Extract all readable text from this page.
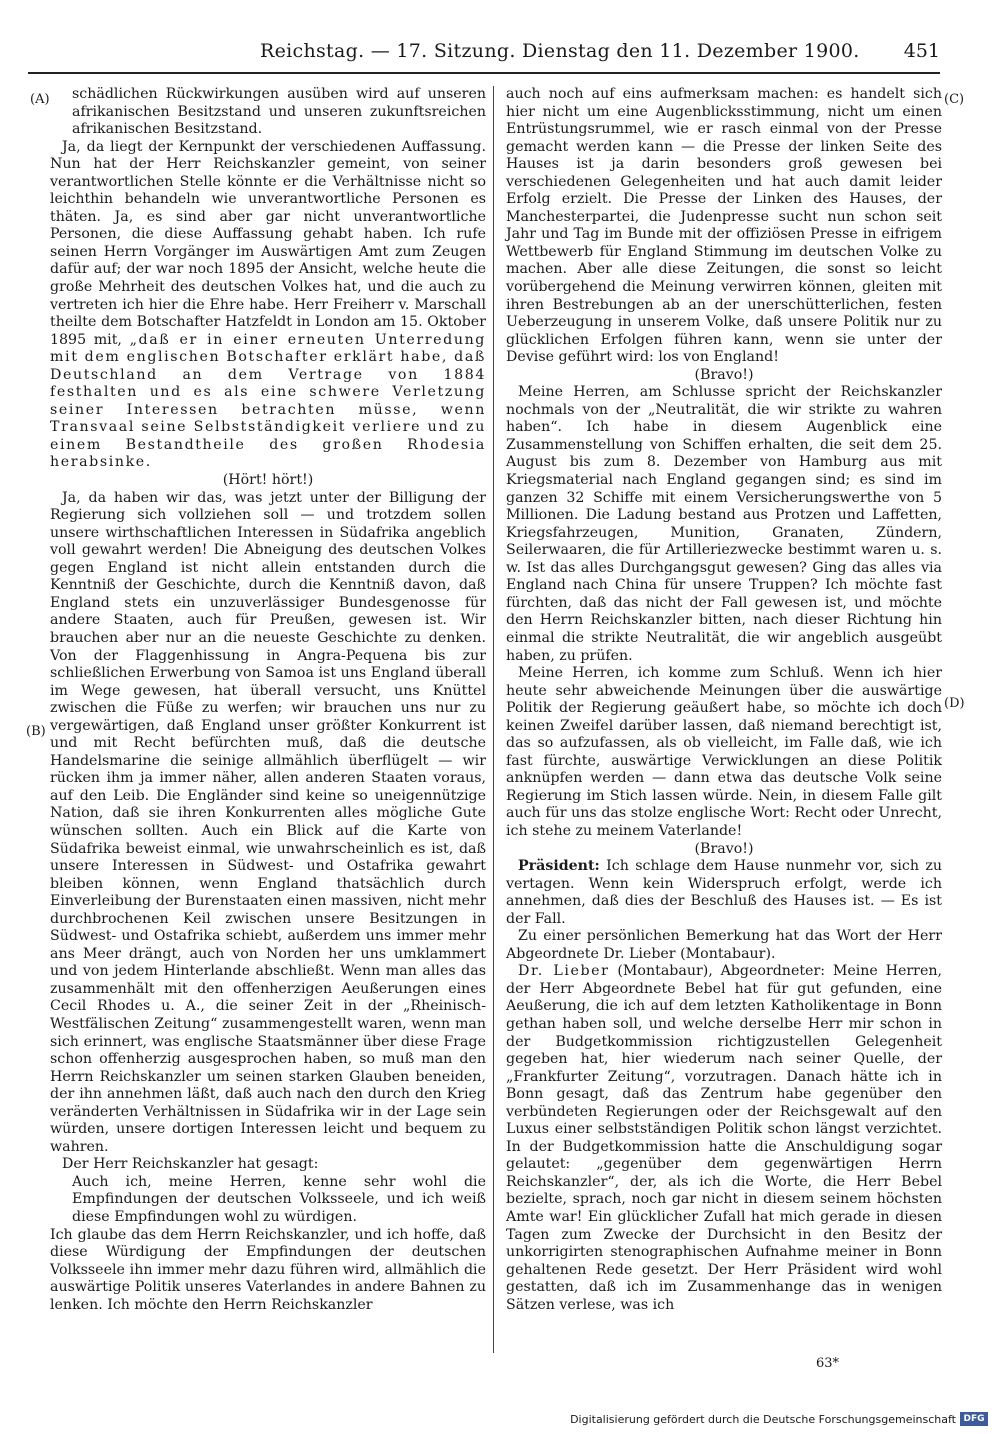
Reichstag. — 17. Sitzung. Dienstag den 11. Dezember 1900. 451
(A)
(B)
(C)
(D)

schädlichen Rückwirkungen ausüben wird auf unseren afrikanischen Besitzstand und unseren zukunftsreichen afrikanischen Besitzstand.

Ja, da liegt der Kernpunkt der verschiedenen Auffassung. Nun hat der Herr Reichskanzler gemeint, von seiner verantwortlichen Stelle könnte er die Verhältnisse nicht so leichthin behandeln wie unverantwortliche Personen es thäten. Ja, es sind aber gar nicht unverantwortliche Personen, die diese Auffassung gehabt haben. Ich rufe seinen Herrn Vorgänger im Auswärtigen Amt zum Zeugen dafür auf; der war noch 1895 der Ansicht, welche heute die große Mehrheit des deutschen Volkes hat, und die auch zu vertreten ich hier die Ehre habe. Herr Freiherr v. Marschall theilte dem Botschafter Hatzfeldt in London am 15. Oktober 1895 mit, „daß er in einer erneuten Unterredung mit dem englischen Botschafter erklärt habe, daß Deutschland an dem Vertrage von 1884 festhalten und es als eine schwere Verletzung seiner Interessen betrachten müsse, wenn Transvaal seine Selbstständigkeit verliere und zu einem Bestandtheile des großen Rhodesia herabsinke.

(Hört! hört!)

Ja, da haben wir das, was jetzt unter der Billigung der Regierung sich vollziehen soll — und trotzdem sollen unsere wirthschaftlichen Interessen in Südafrika angeblich voll gewahrt werden! Die Abneigung des deutschen Volkes gegen England ist nicht allein entstanden durch die Kenntniß der Geschichte, durch die Kenntniß davon, daß England stets ein unzuverlässiger Bundesgenosse für andere Staaten, auch für Preußen, gewesen ist. Wir brauchen aber nur an die neueste Geschichte zu denken. Von der Flaggenhissung in Angra-Pequena bis zur schließlichen Erwerbung von Samoa ist uns England überall im Wege gewesen, hat überall versucht, uns Knüttel zwischen die Füße zu werfen; wir brauchen uns nur zu vergewärtigen, daß England unser größter Konkurrent ist und mit Recht befürchten muß, daß die deutsche Handelsmarine die seinige allmählich überflügelt — wir rücken ihm ja immer näher, allen anderen Staaten voraus, auf den Leib. Die Engländer sind keine so uneigennützige Nation, daß sie ihren Konkurrenten alles mögliche Gute wünschen sollten. Auch ein Blick auf die Karte von Südafrika beweist einmal, wie unwahrscheinlich es ist, daß unsere Interessen in Südwest- und Ostafrika gewahrt bleiben können, wenn England thatsächlich durch Einverleibung der Burenstaaten einen massiven, nicht mehr durchbrochenen Keil zwischen unsere Besitzungen in Südwest- und Ostafrika schiebt, außerdem uns immer mehr ans Meer drängt, auch von Norden her uns umklammert und von jedem Hinterlande abschließt. Wenn man alles das zusammenhält mit den offenherzigen Aeußerungen eines Cecil Rhodes u. A., die seiner Zeit in der „Rheinisch-Westfälischen Zeitung“ zusammengestellt waren, wenn man sich erinnert, was englische Staatsmänner über diese Frage schon offenherzig ausgesprochen haben, so muß man den Herrn Reichskanzler um seinen starken Glauben beneiden, der ihn annehmen läßt, daß auch nach den durch den Krieg veränderten Verhältnissen in Südafrika wir in der Lage sein würden, unsere dortigen Interessen leicht und bequem zu wahren.

Der Herr Reichskanzler hat gesagt:

Auch ich, meine Herren, kenne sehr wohl die Empfindungen der deutschen Volksseele, und ich weiß diese Empfindungen wohl zu würdigen.

Ich glaube das dem Herrn Reichskanzler, und ich hoffe, daß diese Würdigung der Empfindungen der deutschen Volksseele ihn immer mehr dazu führen wird, allmählich die auswärtige Politik unseres Vaterlandes in andere Bahnen zu lenken. Ich möchte den Herrn Reichskanzler

auch noch auf eins aufmerksam machen: es handelt sich hier nicht um eine Augenblicksstimmung, nicht um einen Entrüstungsrummel, wie er rasch einmal von der Presse gemacht werden kann — die Presse der linken Seite des Hauses ist ja darin besonders groß gewesen bei verschiedenen Gelegenheiten und hat auch damit leider Erfolg erzielt. Die Presse der Linken des Hauses, der Manchesterpartei, die Judenpresse sucht nun schon seit Jahr und Tag im Bunde mit der offiziösen Presse in eifrigem Wettbewerb für England Stimmung im deutschen Volke zu machen. Aber alle diese Zeitungen, die sonst so leicht vorübergehend die Meinung verwirren können, gleiten mit ihren Bestrebungen ab an der unerschütterlichen, festen Ueberzeugung in unserem Volke, daß unsere Politik nur zu glücklichen Erfolgen führen kann, wenn sie unter der Devise geführt wird: los von England!

(Bravo!)

Meine Herren, am Schlusse spricht der Reichskanzler nochmals von der „Neutralität, die wir strikte zu wahren haben“. Ich habe in diesem Augenblick eine Zusammenstellung von Schiffen erhalten, die seit dem 25. August bis zum 8. Dezember von Hamburg aus mit Kriegsmaterial nach England gegangen sind; es sind im ganzen 32 Schiffe mit einem Versicherungswerthe von 5 Millionen. Die Ladung bestand aus Protzen und Laffetten, Kriegsfahrzeugen, Munition, Granaten, Zündern, Seilerwaaren, die für Artilleriezwecke bestimmt waren u. s. w. Ist das alles Durchgangsgut gewesen? Ging das alles via England nach China für unsere Truppen? Ich möchte fast fürchten, daß das nicht der Fall gewesen ist, und möchte den Herrn Reichskanzler bitten, nach dieser Richtung hin einmal die strikte Neutralität, die wir angeblich ausgeübt haben, zu prüfen.

Meine Herren, ich komme zum Schluß. Wenn ich hier heute sehr abweichende Meinungen über die auswärtige Politik der Regierung geäußert habe, so möchte ich doch keinen Zweifel darüber lassen, daß niemand berechtigt ist, das so aufzufassen, als ob vielleicht, im Falle daß, wie ich fast fürchte, auswärtige Verwicklungen an diese Politik anknüpfen werden — dann etwa das deutsche Volk seine Regierung im Stich lassen würde. Nein, in diesem Falle gilt auch für uns das stolze englische Wort: Recht oder Unrecht, ich stehe zu meinem Vaterlande!

(Bravo!)

Präsident: Ich schlage dem Hause nunmehr vor, sich zu vertagen. Wenn kein Widerspruch erfolgt, werde ich annehmen, daß dies der Beschluß des Hauses ist. — Es ist der Fall.

Zu einer persönlichen Bemerkung hat das Wort der Herr Abgeordnete Dr. Lieber (Montabaur).

Dr. Lieber (Montabaur), Abgeordneter: Meine Herren, der Herr Abgeordnete Bebel hat für gut gefunden, eine Aeußerung, die ich auf dem letzten Katholikentage in Bonn gethan haben soll, und welche derselbe Herr mir schon in der Budgetkommission richtigzustellen Gelegenheit gegeben hat, hier wiederum nach seiner Quelle, der „Frankfurter Zeitung“, vorzutragen. Danach hätte ich in Bonn gesagt, daß das Zentrum habe gegenüber den verbündeten Regierungen oder der Reichsgewalt auf den Luxus einer selbstständigen Politik schon längst verzichtet. In der Budgetkommission hatte die Anschuldigung sogar gelautet: „gegenüber dem gegenwärtigen Herrn Reichskanzler“, der, als ich die Worte, die Herr Bebel bezielte, sprach, noch gar nicht in diesem seinem höchsten Amte war! Ein glücklicher Zufall hat mich gerade in diesen Tagen zum Zwecke der Durchsicht in den Besitz der unkorrigirten stenographischen Aufnahme meiner in Bonn gehaltenen Rede gesetzt. Der Herr Präsident wird wohl gestatten, daß ich im Zusammenhange das in wenigen Sätzen verlese, was ich

63*
Digitalisierung gefördert durch die Deutsche Forschungsgemeinschaft DFG
